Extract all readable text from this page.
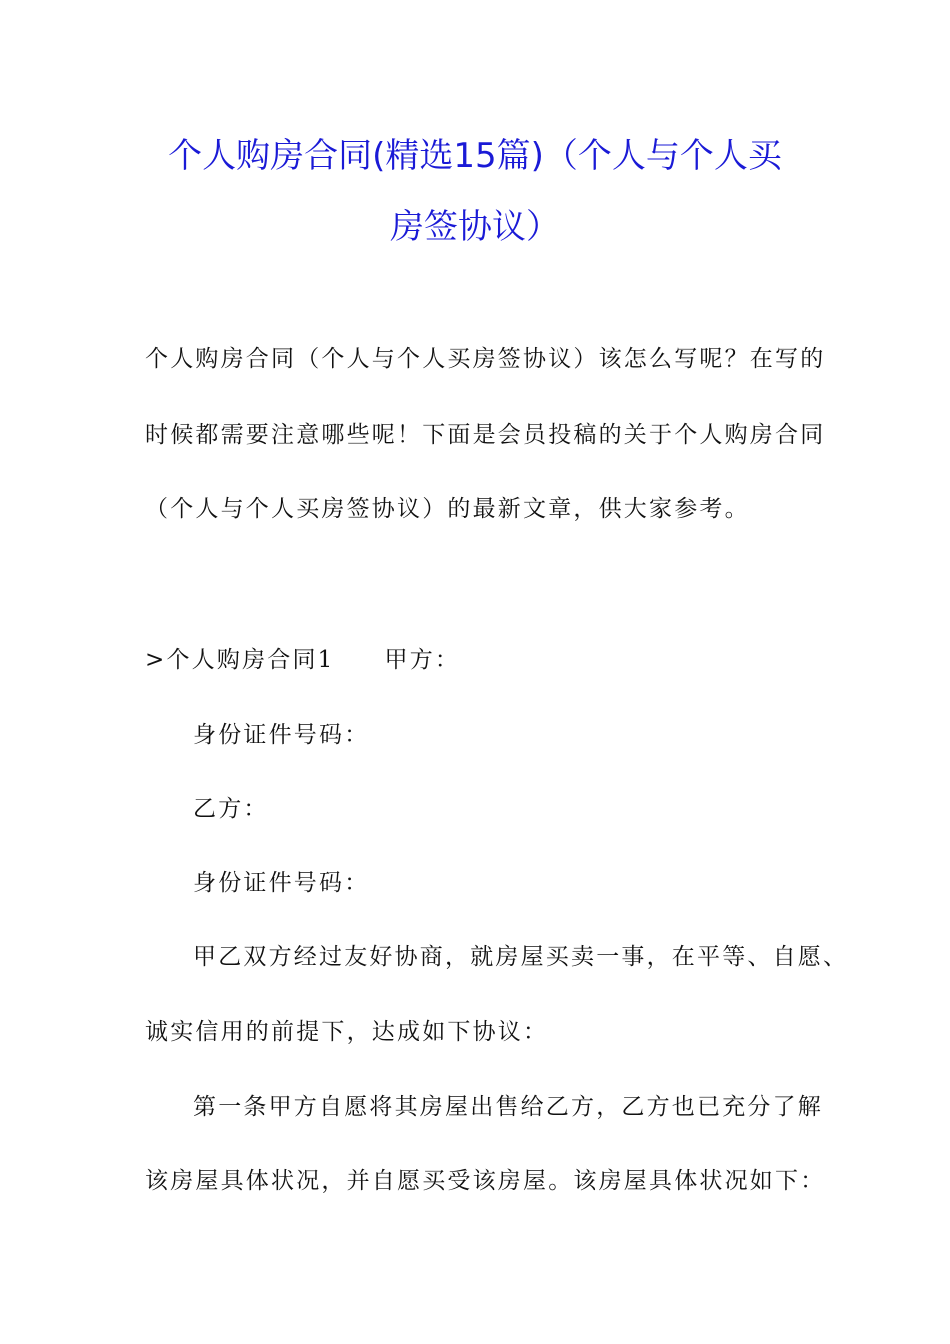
个人购房合同(精选15篇)（个人与个人买
房签协议）
个人购房合同（个人与个人买房签协议）该怎么写呢？在写的
时候都需要注意哪些呢！下面是会员投稿的关于个人购房合同
（个人与个人买房签协议）的最新文章，供大家参考。
>个人购房合同1 甲方：
身份证件号码：
乙方：
身份证件号码：
甲乙双方经过友好协商，就房屋买卖一事，在平等、自愿、
诚实信用的前提下，达成如下协议：
第一条甲方自愿将其房屋出售给乙方，乙方也已充分了解
该房屋具体状况，并自愿买受该房屋。该房屋具体状况如下：
